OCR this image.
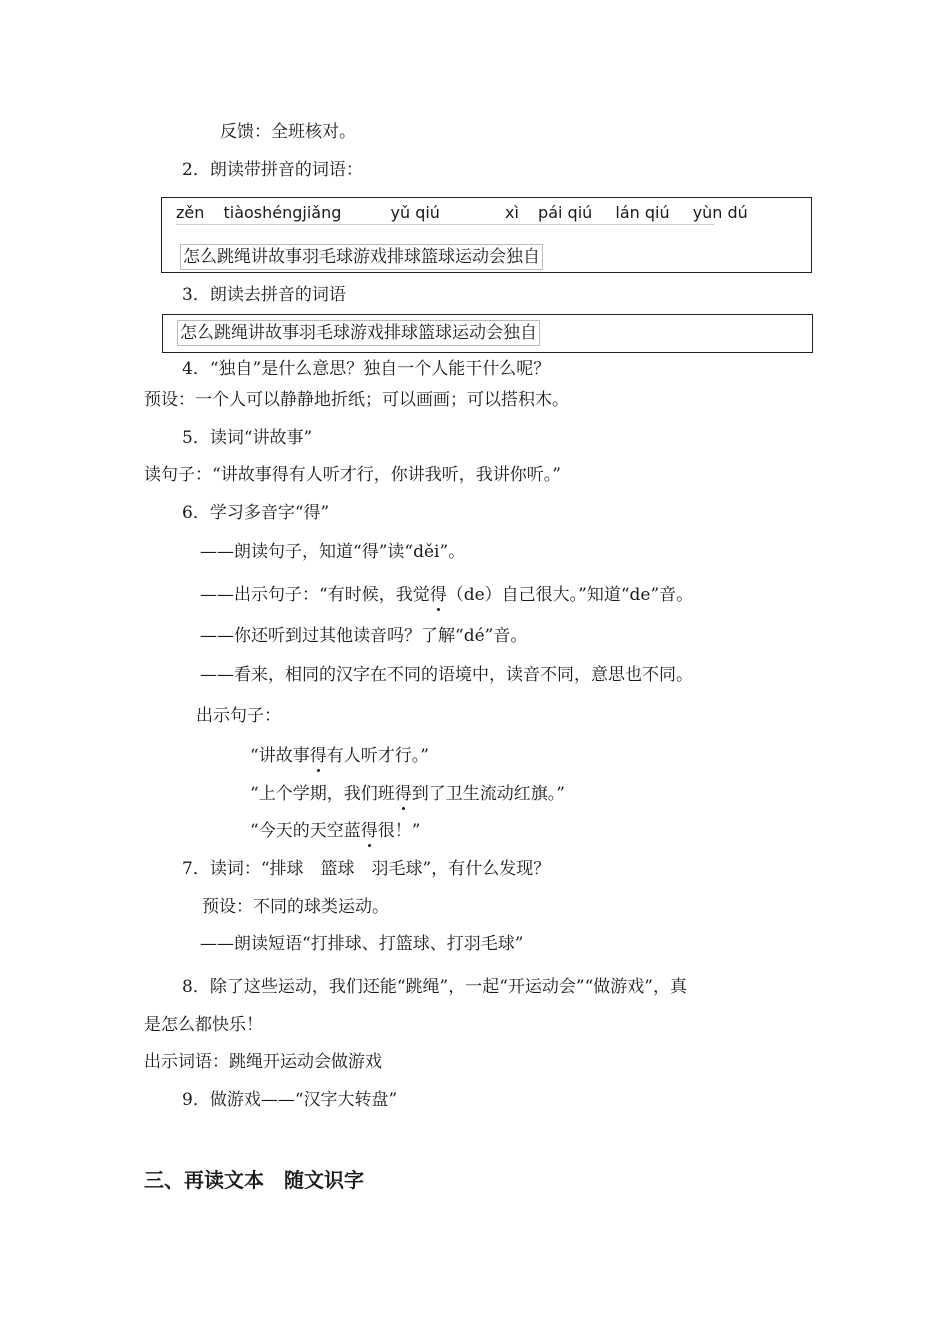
反馈：全班核对。
2．朗读带拼音的词语：
zěn tiàoshéngjiǎng	yǔ qiú	xì pái qiú lán qiú yùn dú
怎么跳绳讲故事羽毛球游戏排球篮球运动会独自
3．朗读去拼音的词语
怎么跳绳讲故事羽毛球游戏排球篮球运动会独自
4．“独自”是什么意思？独自一个人能干什么呢？
预设：一个人可以静静地折纸；可以画画；可以搭积木。
5．读词“讲故事”
读句子：“讲故事得有人听才行，你讲我听，我讲你听。”
6．学习多音字“得”
——朗读句子，知道“得”读“děi”。
——出示句子：“有时候，我觉得（de）自己很大。”知道“de”音。
——你还听到过其他读音吗？了解“dé”音。
——看来，相同的汉字在不同的语境中，读音不同，意思也不同。
出示句子：
“讲故事得有人听才行。”
“上个学期，我们班得到了卫生流动红旗。”
“今天的天空蓝得很！”
7．读词：“排球　篮球　羽毛球”，有什么发现？
预设：不同的球类运动。
——朗读短语“打排球、打篮球、打羽毛球”
8．除了这些运动，我们还能“跳绳”，一起“开运动会”“做游戏”，真
是怎么都快乐！
出示词语：跳绳开运动会做游戏
9．做游戏——“汉字大转盘”
三、再读文本　随文识字
